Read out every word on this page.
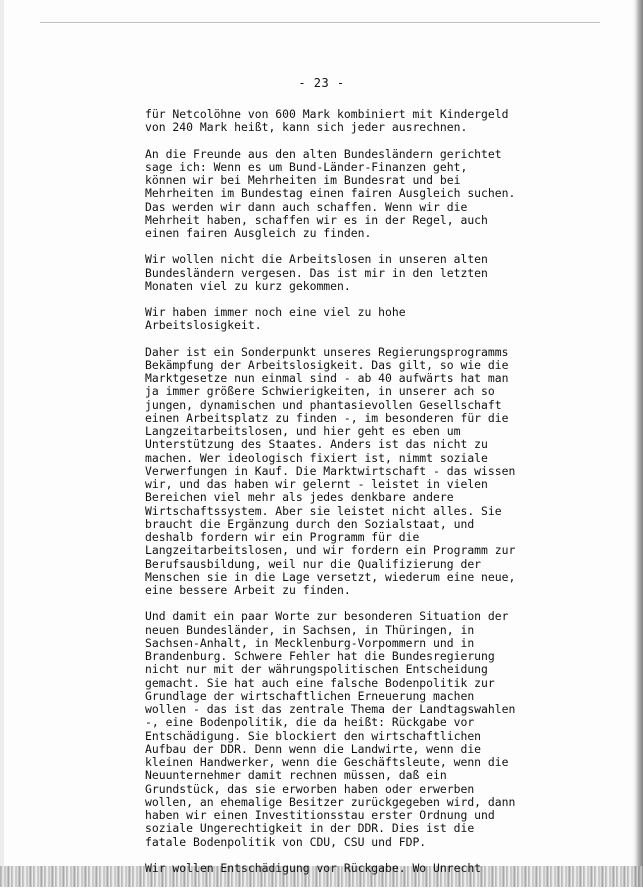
- 23 -
für Netcolöhne von 600 Mark kombiniert mit Kindergeld
von 240 Mark heißt, kann sich jeder ausrechnen.
An die Freunde aus den alten Bundesländern gerichtet
sage ich: Wenn es um Bund-Länder-Finanzen geht,
können wir bei Mehrheiten im Bundesrat und bei
Mehrheiten im Bundestag einen fairen Ausgleich suchen.
Das werden wir dann auch schaffen. Wenn wir die
Mehrheit haben, schaffen wir es in der Regel, auch
einen fairen Ausgleich zu finden.
Wir wollen nicht die Arbeitslosen in unseren alten
Bundesländern vergesen. Das ist mir in den letzten
Monaten viel zu kurz gekommen.
Wir haben immer noch eine viel zu hohe
Arbeitslosigkeit.
Daher ist ein Sonderpunkt unseres Regierungsprogramms
Bekämpfung der Arbeitslosigkeit. Das gilt, so wie die
Marktgesetze nun einmal sind - ab 40 aufwärts hat man
ja immer größere Schwierigkeiten, in unserer ach so
jungen, dynamischen und phantasievollen Gesellschaft
einen Arbeitsplatz zu finden -, im besonderen für die
Langzeitarbeitslosen, und hier geht es eben um
Unterstützung des Staates. Anders ist das nicht zu
machen. Wer ideologisch fixiert ist, nimmt soziale
Verwerfungen in Kauf. Die Marktwirtschaft - das wissen
wir, und das haben wir gelernt - leistet in vielen
Bereichen viel mehr als jedes denkbare andere
Wirtschaftssystem. Aber sie leistet nicht alles. Sie
braucht die Ergänzung durch den Sozialstaat, und
deshalb fordern wir ein Programm für die
Langzeitarbeitslosen, und wir fordern ein Programm zur
Berufsausbildung, weil nur die Qualifizierung der
Menschen sie in die Lage versetzt, wiederum eine neue,
eine bessere Arbeit zu finden.
Und damit ein paar Worte zur besonderen Situation der
neuen Bundesländer, in Sachsen, in Thüringen, in
Sachsen-Anhalt, in Mecklenburg-Vorpommern und in
Brandenburg. Schwere Fehler hat die Bundesregierung
nicht nur mit der währungspolitischen Entscheidung
gemacht. Sie hat auch eine falsche Bodenpolitik zur
Grundlage der wirtschaftlichen Erneuerung machen
wollen - das ist das zentrale Thema der Landtagswahlen
-, eine Bodenpolitik, die da heißt: Rückgabe vor
Entschädigung. Sie blockiert den wirtschaftlichen
Aufbau der DDR. Denn wenn die Landwirte, wenn die
kleinen Handwerker, wenn die Geschäftsleute, wenn die
Neuunternehmer damit rechnen müssen, daß ein
Grundstück, das sie erworben haben oder erwerben
wollen, an ehemalige Besitzer zurückgegeben wird, dann
haben wir einen Investitionsstau erster Ordnung und
soziale Ungerechtigkeit in der DDR. Dies ist die
fatale Bodenpolitik von CDU, CSU und FDP.
Wir wollen Entschädigung vor Rückgabe. Wo Unrecht
